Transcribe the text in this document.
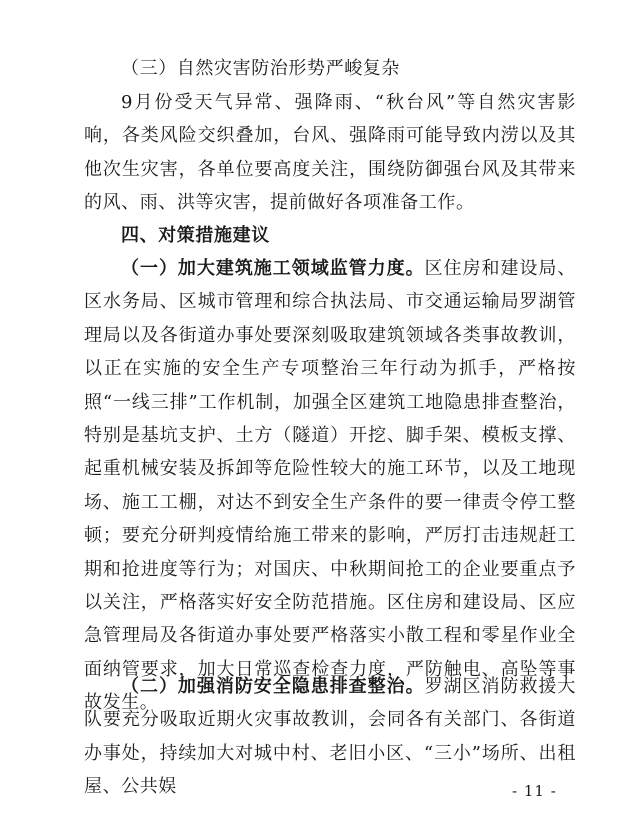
（三）自然灾害防治形势严峻复杂

9月份受天气异常、强降雨、“秋台风”等自然灾害影响，各类风险交织叠加，台风、强降雨可能导致内涝以及其他次生灾害，各单位要高度关注，围绕防御强台风及其带来的风、雨、洪等灾害，提前做好各项准备工作。

四、对策措施建议

（一）加大建筑施工领域监管力度。区住房和建设局、区水务局、区城市管理和综合执法局、市交通运输局罗湖管理局以及各街道办事处要深刻吸取建筑领域各类事故教训，以正在实施的安全生产专项整治三年行动为抓手，严格按照“一线三排”工作机制，加强全区建筑工地隐患排查整治，特别是基坑支护、土方（隧道）开挖、脚手架、模板支撑、起重机械安装及拆卸等危险性较大的施工环节，以及工地现场、施工工棚，对达不到安全生产条件的要一律责令停工整顿；要充分研判疫情给施工带来的影响，严厉打击违规赶工期和抢进度等行为；对国庆、中秋期间抢工的企业要重点予以关注，严格落实好安全防范措施。区住房和建设局、区应急管理局及各街道办事处要严格落实小散工程和零星作业全面纳管要求，加大日常巡查检查力度，严防触电、高坠等事故发生。

（二）加强消防安全隐患排查整治。罗湖区消防救援大队要充分吸取近期火灾事故教训，会同各有关部门、各街道办事处，持续加大对城中村、老旧小区、“三小”场所、出租屋、公共娱	- 11 -
